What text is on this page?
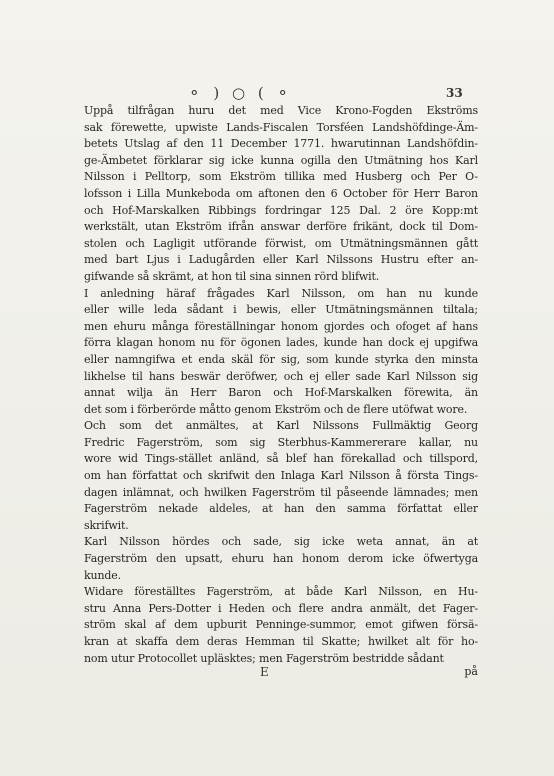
⚬ ) ○ ( ⚬	33
Uppå tilfrågan huru det med Vice Krono-Fogden Ekströms
sak förewette, upwiste Lands-Fiscalen Torsféen Landshöfdinge-Äm-
betets Utslag af den 11 December 1771. hwarutinnan Landshöfdin-
ge-Ämbetet förklarar sig icke kunna ogilla den Utmätning hos Karl
Nilsson i Pelltorp, som Ekström tillika med Husberg och Per O-
lofsson i Lilla Munkeboda om aftonen den 6 October för Herr Baron
och Hof-Marskalken Ribbings fordringar 125 Dal. 2 öre Kopp:mt
werkstält, utan Ekström ifrån answar derföre frikänt, dock til Dom-
stolen och Lagligit utförande förwist, om Utmätningsmännen gått
med bart Ljus i Ladugården eller Karl Nilssons Hustru efter an-
gifwande så skrämt, at hon til sina sinnen rörd blifwit.
I anledning häraf frågades Karl Nilsson, om han nu kunde
eller wille leda sådant i bewis, eller Utmätningsmännen tiltala;
men ehuru många föreställningar honom gjordes och ofoget af hans
förra klagan honom nu för ögonen lades, kunde han dock ej upgifwa
eller namngifwa et enda skäl för sig, som kunde styrka den minsta
likhelse til hans beswär deröfwer, och ej eller sade Karl Nilsson sig
annat wilja än Herr Baron och Hof-Marskalken förewita, än
det som i förberörde måtto genom Ekström och de flere utöfwat wore.
Och som det anmältes, at Karl Nilssons Fullmäktig Georg
Fredric Fagerström, som sig Sterbhus-Kammererare kallar, nu
wore wid Tings-stället anländ, så blef han förekallad och tillspord,
om han författat och skrifwit den Inlaga Karl Nilsson å första Tings-
dagen inlämnat, och hwilken Fagerström til påseende lämnades; men
Fagerström nekade aldeles, at han den samma författat eller
skrifwit.
Karl Nilsson hördes och sade, sig icke weta annat, än at
Fagerström den upsatt, ehuru han honom derom icke öfwertyga
kunde.
Widare föreställtes Fagerström, at både Karl Nilsson, en Hu-
stru Anna Pers-Dotter i Heden och flere andra anmält, det Fager-
ström skal af dem upburit Penninge-summor, emot gifwen försä-
kran at skaffa dem deras Hemman til Skatte; hwilket alt för ho-
nom utur Protocollet upläsktes; men Fagerström bestridde sådant
E	på
